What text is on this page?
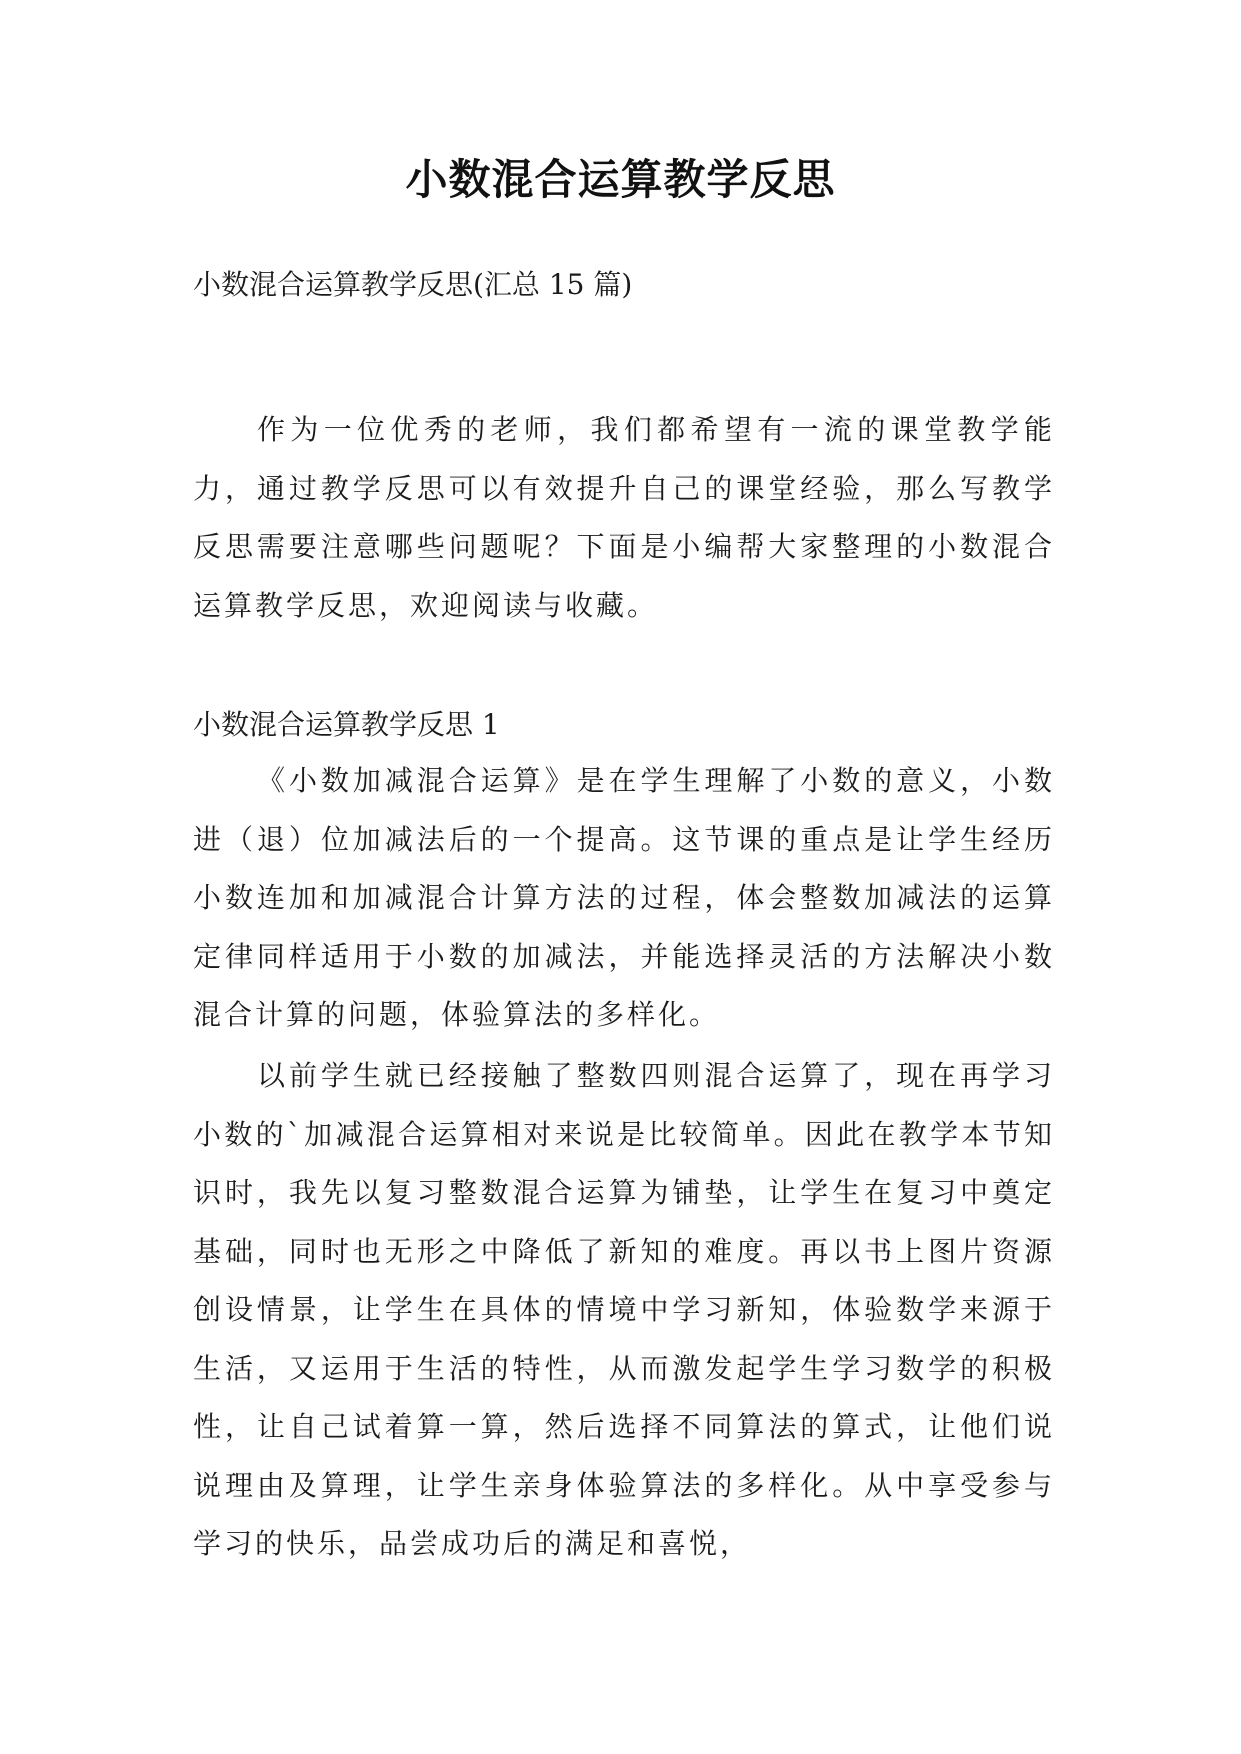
小数混合运算教学反思
小数混合运算教学反思(汇总 15 篇)

作为一位优秀的老师，我们都希望有一流的课堂教学能力，通过教学反思可以有效提升自己的课堂经验，那么写教学反思需要注意哪些问题呢？下面是小编帮大家整理的小数混合运算教学反思，欢迎阅读与收藏。

小数混合运算教学反思 1

《小数加减混合运算》是在学生理解了小数的意义，小数进（退）位加减法后的一个提高。这节课的重点是让学生经历小数连加和加减混合计算方法的过程，体会整数加减法的运算定律同样适用于小数的加减法，并能选择灵活的方法解决小数混合计算的问题，体验算法的多样化。

以前学生就已经接触了整数四则混合运算了，现在再学习小数的`加减混合运算相对来说是比较简单。因此在教学本节知识时，我先以复习整数混合运算为铺垫，让学生在复习中奠定基础，同时也无形之中降低了新知的难度。再以书上图片资源创设情景，让学生在具体的情境中学习新知，体验数学来源于生活，又运用于生活的特性，从而激发起学生学习数学的积极性，让自己试着算一算，然后选择不同算法的算式，让他们说说理由及算理，让学生亲身体验算法的多样化。从中享受参与学习的快乐，品尝成功后的满足和喜悦，
